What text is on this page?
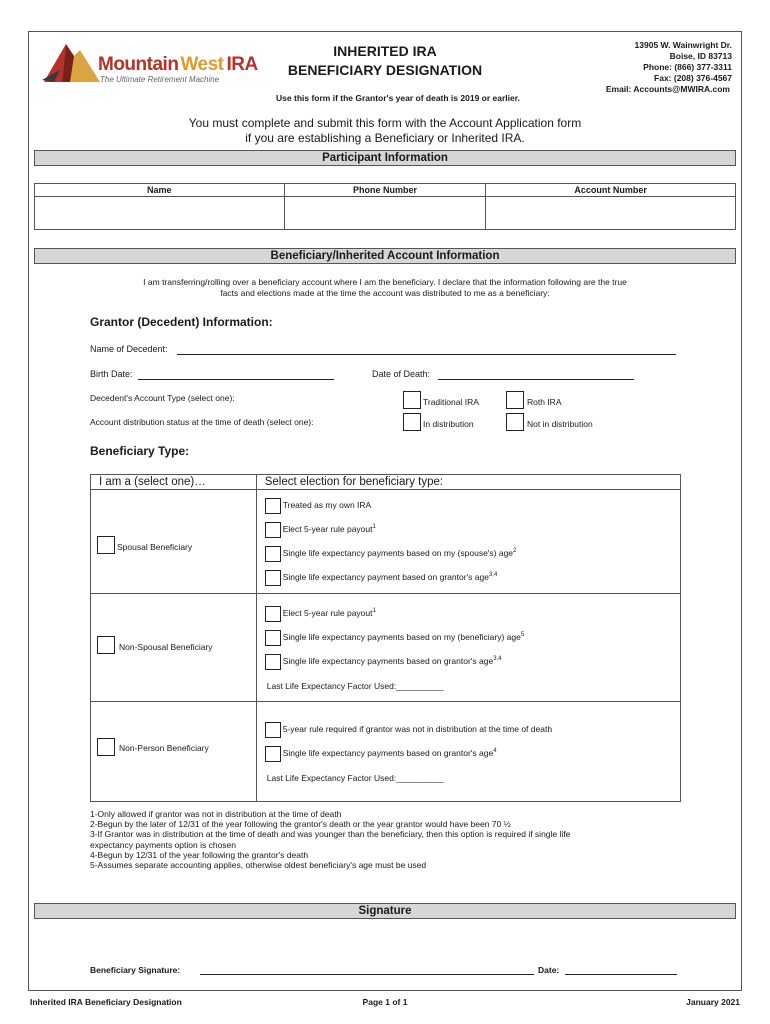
Mountain West IRA
The Ultimate Retirement Machine
INHERITED IRA
BENEFICIARY DESIGNATION
Use this form if the Grantor's year of death is 2019 or earlier.
13905 W. Wainwright Dr.
Boise, ID 83713
Phone: (866) 377-3311
Fax: (208) 376-4567
Email: Accounts@MWIRA.com
You must complete and submit this form with the Account Application form
if you are establishing a Beneficiary or Inherited IRA.
Participant Information
Name	Phone Number	Account Number

Beneficiary/Inherited Account Information
I am transferring/rolling over a beneficiary account where I am the beneficiary. I declare that the information following are the true
facts and elections made at the time the account was distributed to me as a beneficiary:
Grantor (Decedent) Information:
Name of Decedent:
Birth Date:	Date of Death:
Decedent's Account Type (select one):	Traditional IRA	Roth IRA
Account distribution status at the time of death (select one):	In distribution	Not in distribution
Beneficiary Type:
I am a (select one)…	Select election for beneficiary type:

Spousal Beneficiary	Treated as my own IRA
Elect 5-year rule payout$^1$
Single life expectancy payments based on my (spouse's) age$^2$
Single life expectancy payment based on grantor's age$^{3,4}$

Non-Spousal Beneficiary	Elect 5-year rule payout$^1$
Single life expectancy payments based on my (beneficiary) age$^5$
Single life expectancy payments based on grantor's age$^{3,4}$
Last Life Expectancy Factor Used:__________

Non-Person Beneficiary	5-year rule required if grantor was not in distribution at the time of death
Single life expectancy payments based on grantor's age$^4$
Last Life Expectancy Factor Used:__________
1-Only allowed if grantor was not in distribution at the time of death
2-Begun by the later of 12/31 of the year following the grantor's death or the year grantor would have been 70 ½
3-If Grantor was in distribution at the time of death and was younger than the beneficiary, then this option is required if single life
expectancy payments option is chosen
4-Begun by 12/31 of the year following the grantor's death
5-Assumes separate accounting applies, otherwise oldest beneficiary's age must be used
Signature
Beneficiary Signature:	Date:
Inherited IRA Beneficiary Designation	Page 1 of 1	January 2021
